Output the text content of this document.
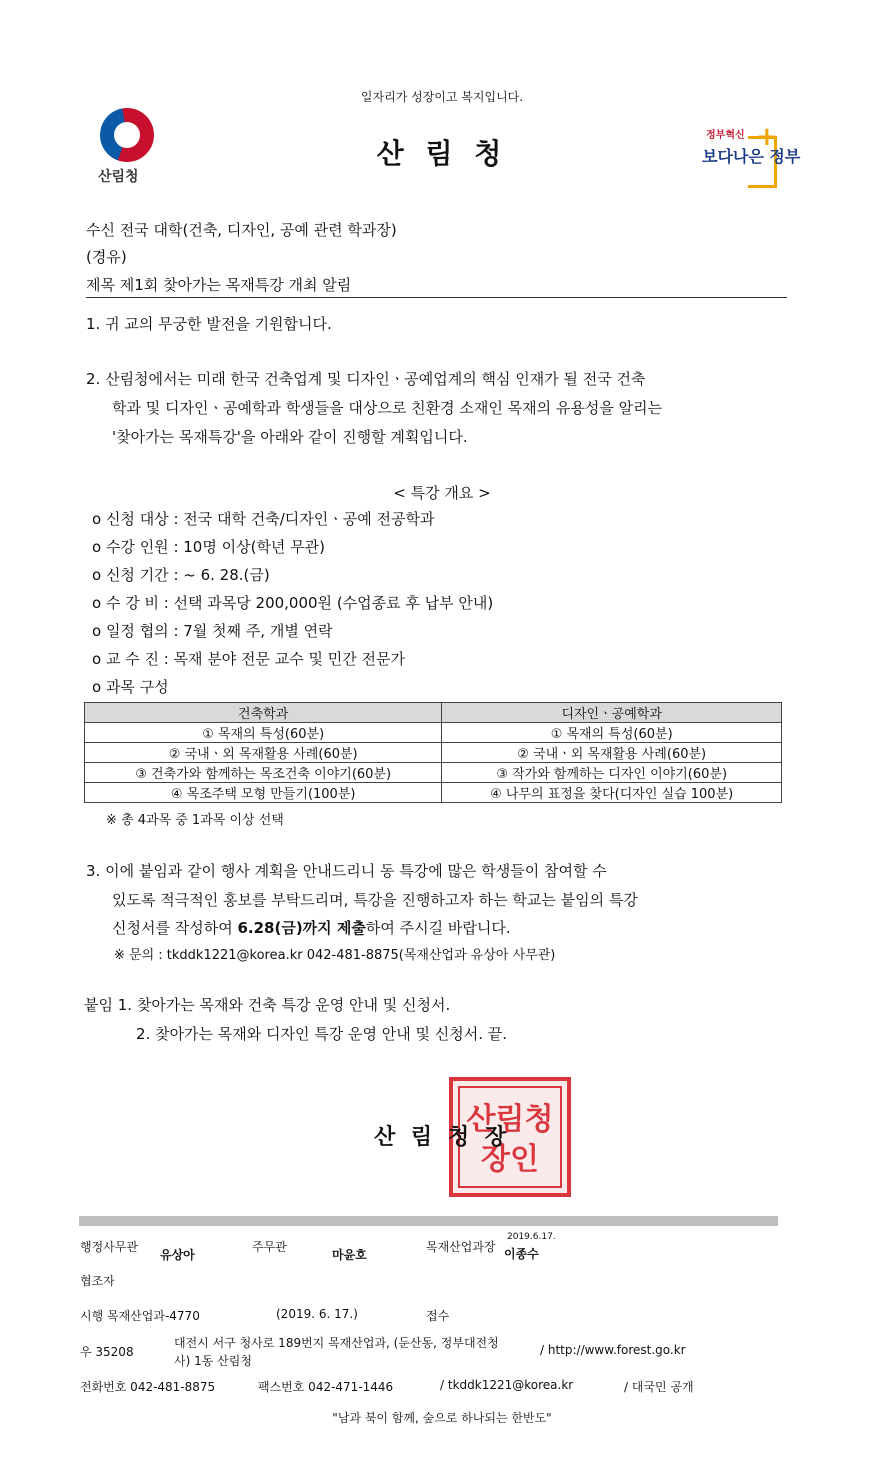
일자리가 성장이고 복지입니다.
산림청
산 림 청	+
정부혁신
보다나은 정부
수신 전국 대학(건축, 디자인, 공예 관련 학과장)
(경유)
제목 제1회 찾아가는 목재특강 개최 알림
1. 귀 교의 무궁한 발전을 기원합니다.
2. 산림청에서는 미래 한국 건축업계 및 디자인ㆍ공예업계의 핵심 인재가 될 전국 건축
학과 및 디자인ㆍ공예학과 학생들을 대상으로 친환경 소재인 목재의 유용성을 알리는
'찾아가는 목재특강'을 아래와 같이 진행할 계획입니다.
< 특강 개요 >
o 신청 대상 : 전국 대학 건축/디자인ㆍ공예 전공학과
o 수강 인원 : 10명 이상(학년 무관)
o 신청 기간 : ~ 6. 28.(금)
o 수 강 비 : 선택 과목당 200,000원 (수업종료 후 납부 안내)
o 일정 협의 : 7월 첫째 주, 개별 연락
o 교 수 진 : 목재 분야 전문 교수 및 민간 전문가
o 과목 구성
건축학과	디자인ㆍ공예학과
① 목재의 특성(60분)	① 목재의 특성(60분)
② 국내ㆍ외 목재활용 사례(60분)	② 국내ㆍ외 목재활용 사례(60분)
③ 건축가와 함께하는 목조건축 이야기(60분)	③ 작가와 함께하는 디자인 이야기(60분)
④ 목조주택 모형 만들기(100분)	④ 나무의 표정을 찾다(디자인 실습 100분)
※ 총 4과목 중 1과목 이상 선택
3. 이에 붙임과 같이 행사 계획을 안내드리니 동 특강에 많은 학생들이 참여할 수
있도록 적극적인 홍보를 부탁드리며, 특강을 진행하고자 하는 학교는 붙임의 특강
신청서를 작성하여 6.28(금)까지 제출하여 주시길 바랍니다.
※ 문의 : tkddk1221@korea.kr 042-481-8875(목재산업과 유상아 사무관)
붙임 1. 찾아가는 목재와 건축 특강 운영 안내 및 신청서.
2. 찾아가는 목재와 디자인 특강 운영 안내 및 신청서. 끝.
산림청
장인
산 림 청 장
행정사무관
유상아
주무관
마윤호
목재산업과장
2019.6.17.
이종수
협조자
시행 목재산업과-4770	(2019. 6. 17.)	접수
우 35208
대전시 서구 청사로 189번지 목재산업과, (둔산동, 정부대전청
사) 1동 산림청
/ http://www.forest.go.kr
전화번호 042-481-8875	팩스번호 042-471-1446	/ tkddk1221@korea.kr	/ 대국민 공개
"남과 북이 함께, 숲으로 하나되는 한반도"
